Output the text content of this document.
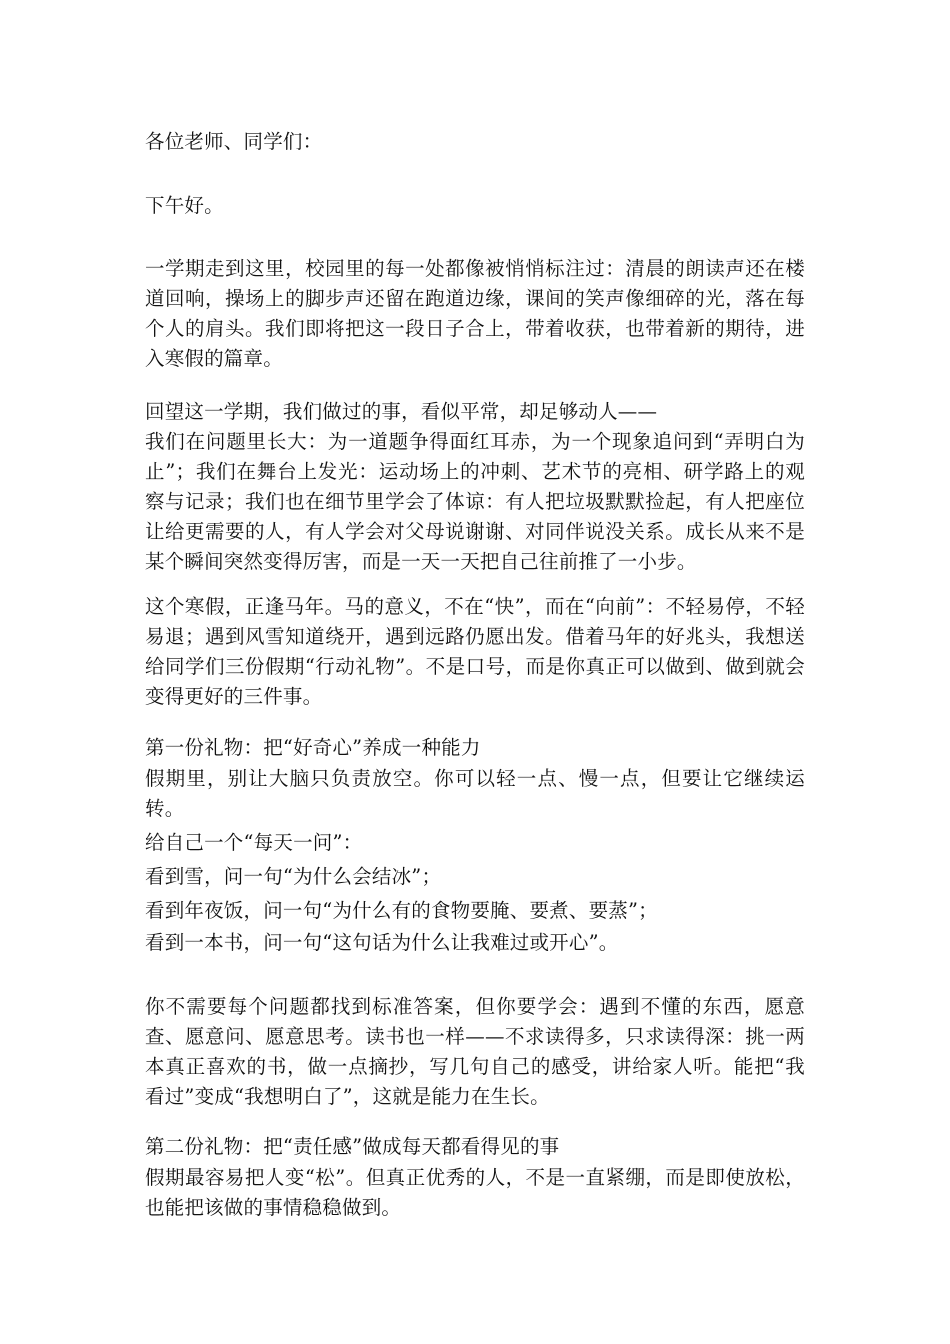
各位老师、同学们：

下午好。

一学期走到这里，校园里的每一处都像被悄悄标注过：清晨的朗读声还在楼道回响，操场上的脚步声还留在跑道边缘，课间的笑声像细碎的光，落在每个人的肩头。我们即将把这一段日子合上，带着收获，也带着新的期待，进入寒假的篇章。

回望这一学期，我们做过的事，看似平常，却足够动人——

我们在问题里长大：为一道题争得面红耳赤，为一个现象追问到“弄明白为止”；我们在舞台上发光：运动场上的冲刺、艺术节的亮相、研学路上的观察与记录；我们也在细节里学会了体谅：有人把垃圾默默捡起，有人把座位让给更需要的人，有人学会对父母说谢谢、对同伴说没关系。成长从来不是某个瞬间突然变得厉害，而是一天一天把自己往前推了一小步。

这个寒假，正逢马年。马的意义，不在“快”，而在“向前”：不轻易停，不轻易退；遇到风雪知道绕开，遇到远路仍愿出发。借着马年的好兆头，我想送给同学们三份假期“行动礼物”。不是口号，而是你真正可以做到、做到就会变得更好的三件事。

第一份礼物：把“好奇心”养成一种能力

假期里，别让大脑只负责放空。你可以轻一点、慢一点，但要让它继续运转。

给自己一个“每天一问”：

看到雪，问一句“为什么会结冰”；

看到年夜饭，问一句“为什么有的食物要腌、要煮、要蒸”；

看到一本书，问一句“这句话为什么让我难过或开心”。

你不需要每个问题都找到标准答案，但你要学会：遇到不懂的东西，愿意查、愿意问、愿意思考。读书也一样——不求读得多，只求读得深：挑一两本真正喜欢的书，做一点摘抄，写几句自己的感受，讲给家人听。能把“我看过”变成“我想明白了”，这就是能力在生长。

第二份礼物：把“责任感”做成每天都看得见的事

假期最容易把人变“松”。但真正优秀的人，不是一直紧绷，而是即使放松，也能把该做的事情稳稳做到。
